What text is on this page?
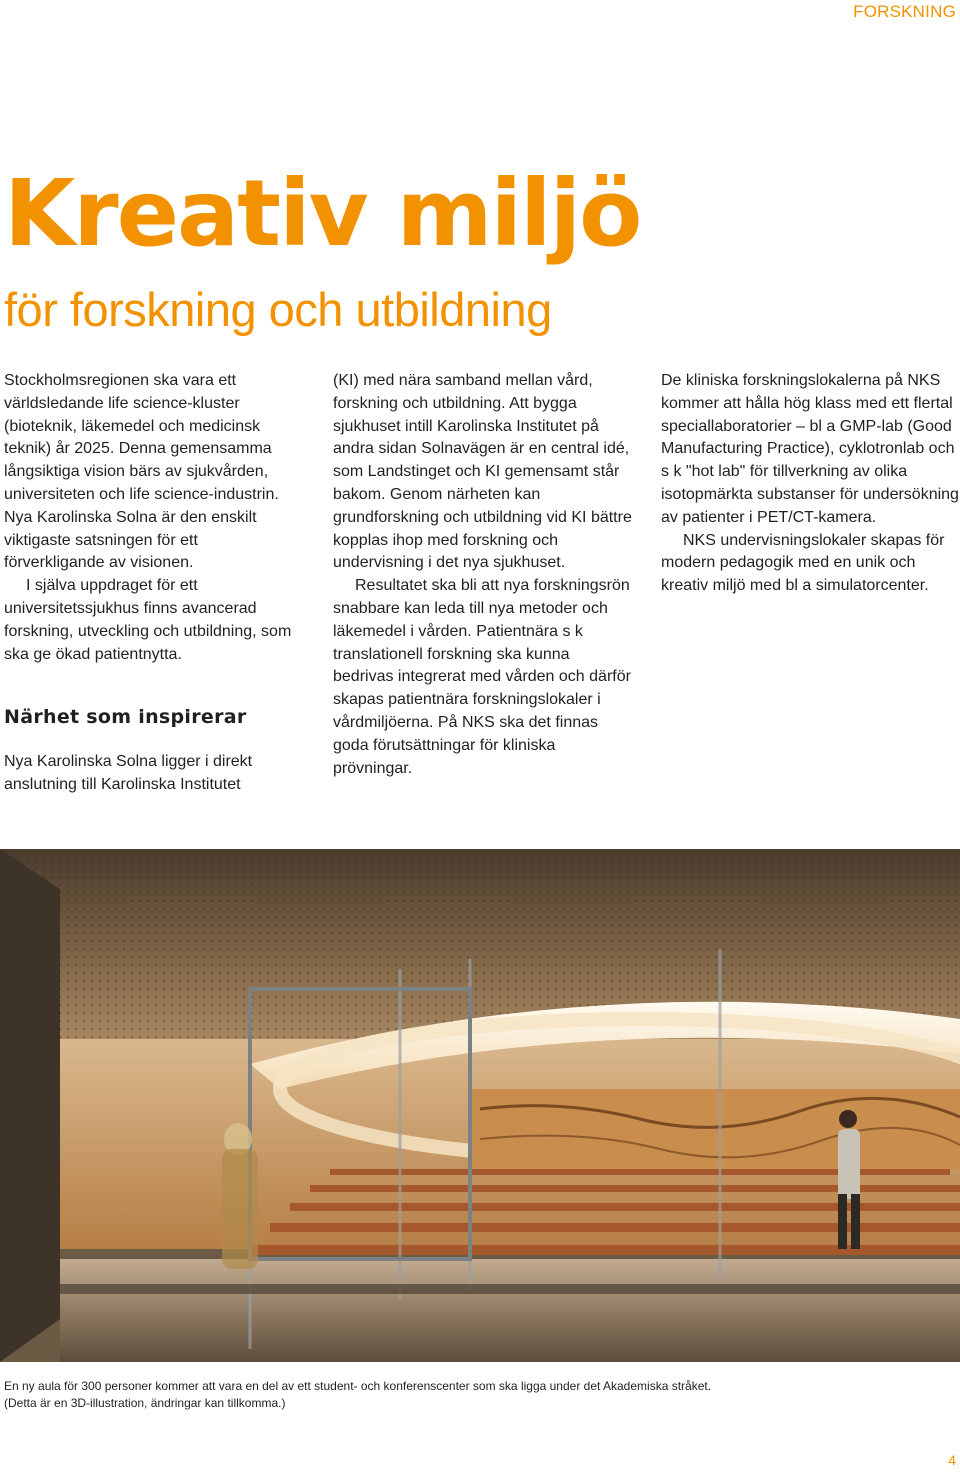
FORSKNING
Kreativ miljö
för forskning och utbildning

Stockholmsregionen ska vara ett världsledande life science-kluster (bioteknik, läkemedel och medicinsk teknik) år 2025. Denna gemensamma långsiktiga vision bärs av sjukvården, universiteten och life science-industrin. Nya Karolinska Solna är den enskilt viktigaste satsningen för ett förverkligande av visionen.

I själva uppdraget för ett universitetssjukhus finns avancerad forskning, utveckling och utbildning, som ska ge ökad patientnytta.

Närhet som inspirerar

Nya Karolinska Solna ligger i direkt anslutning till Karolinska Institutet

(KI) med nära samband mellan vård, forskning och utbildning. Att bygga sjukhuset intill Karolinska Institutet på andra sidan Solnavägen är en central idé, som Landstinget och KI gemensamt står bakom. Genom närheten kan grundforskning och utbildning vid KI bättre kopplas ihop med forskning och undervisning i det nya sjukhuset.

Resultatet ska bli att nya forskningsrön snabbare kan leda till nya metoder och läkemedel i vården. Patientnära s k translationell forskning ska kunna bedrivas integrerat med vården och därför skapas patientnära forskningslokaler i vårdmiljöerna. På NKS ska det finnas goda förutsättningar för kliniska prövningar.

De kliniska forskningslokalerna på NKS kommer att hålla hög klass med ett flertal speciallaboratorier – bl a GMP-lab (Good Manufacturing Practice), cyklotronlab och s k "hot lab" för tillverkning av olika isotopmärkta substanser för undersökning av patienter i PET/CT-kamera.

NKS undervisningslokaler skapas för modern pedagogik med en unik och kreativ miljö med bl a simulatorcenter.

En ny aula för 300 personer kommer att vara en del av ett student- och konferenscenter som ska ligga under det Akademiska stråket.

(Detta är en 3D-illustration, ändringar kan tillkomma.)

4
